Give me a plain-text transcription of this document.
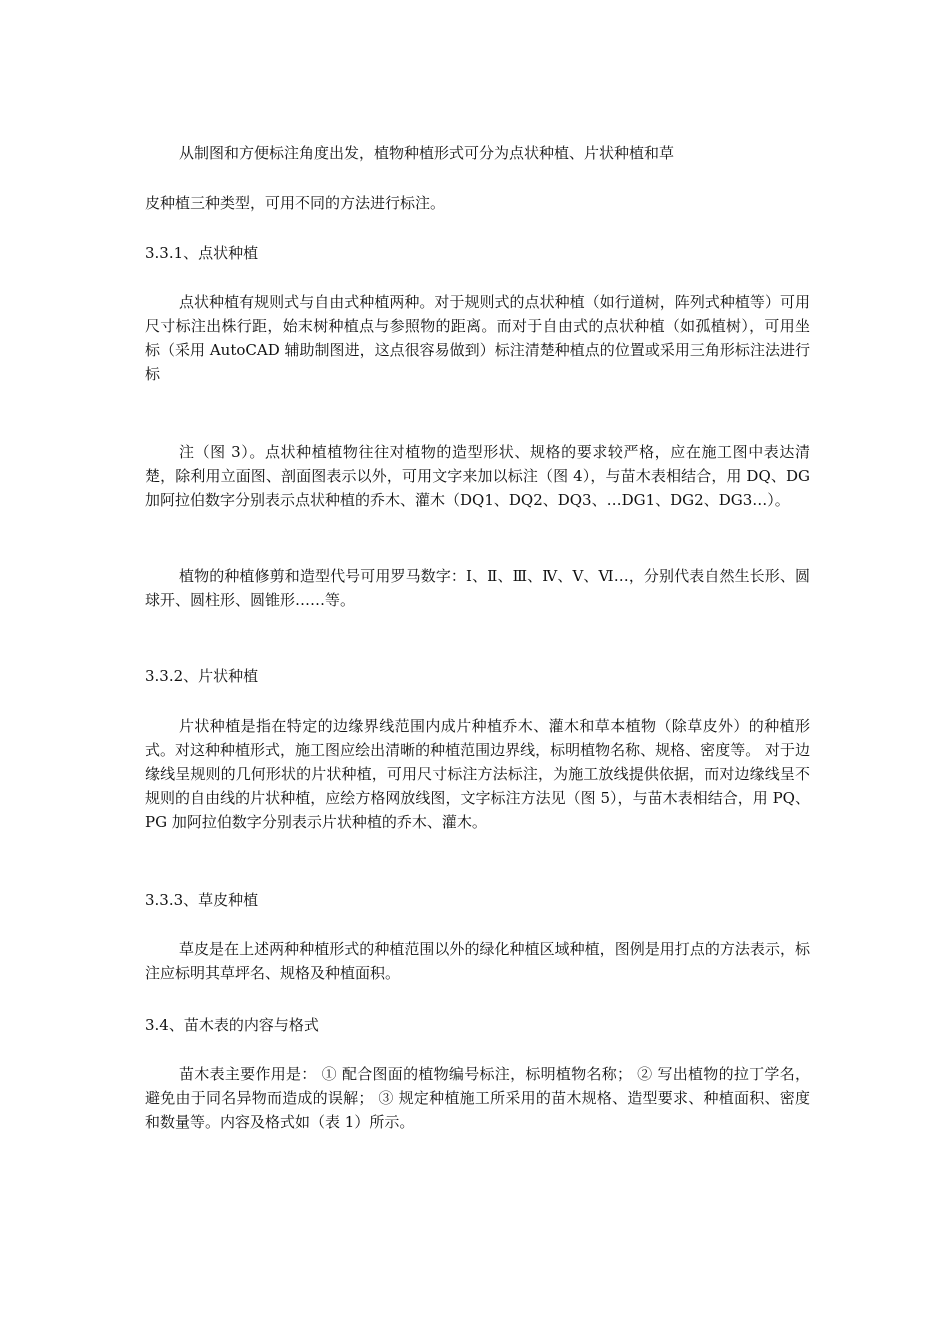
从制图和方便标注角度出发，植物种植形式可分为点状种植、片状种植和草

皮种植三种类型，可用不同的方法进行标注。

3.3.1、点状种植

点状种植有规则式与自由式种植两种。对于规则式的点状种植（如行道树，阵列式种植等）可用尺寸标注出株行距，始末树种植点与参照物的距离。而对于自由式的点状种植（如孤植树），可用坐标（采用 AutoCAD 辅助制图进，这点很容易做到）标注清楚种植点的位置或采用三角形标注法进行标

注（图 3）。点状种植植物往往对植物的造型形状、规格的要求较严格，应在施工图中表达清楚，除利用立面图、剖面图表示以外，可用文字来加以标注（图 4），与苗木表相结合，用 DQ、DG 加阿拉伯数字分别表示点状种植的乔木、灌木（DQ1、DQ2、DQ3、…DG1、DG2、DG3…）。

植物的种植修剪和造型代号可用罗马数字：Ⅰ、Ⅱ、Ⅲ、Ⅳ、Ⅴ、Ⅵ…，分别代表自然生长形、圆球开、圆柱形、圆锥形……等。

3.3.2、片状种植

片状种植是指在特定的边缘界线范围内成片种植乔木、灌木和草本植物（除草皮外）的种植形式。对这种种植形式，施工图应绘出清晰的种植范围边界线，标明植物名称、规格、密度等。 对于边缘线呈规则的几何形状的片状种植，可用尺寸标注方法标注，为施工放线提供依据，而对边缘线呈不规则的自由线的片状种植，应绘方格网放线图，文字标注方法见（图 5），与苗木表相结合，用 PQ、PG 加阿拉伯数字分别表示片状种植的乔木、灌木。

3.3.3、草皮种植

草皮是在上述两种种植形式的种植范围以外的绿化种植区域种植，图例是用打点的方法表示，标注应标明其草坪名、规格及种植面积。

3.4、苗木表的内容与格式

苗木表主要作用是： ① 配合图面的植物编号标注，标明植物名称； ② 写出植物的拉丁学名，避免由于同名异物而造成的误解； ③ 规定种植施工所采用的苗木规格、造型要求、种植面积、密度和数量等。内容及格式如（表 1）所示。
